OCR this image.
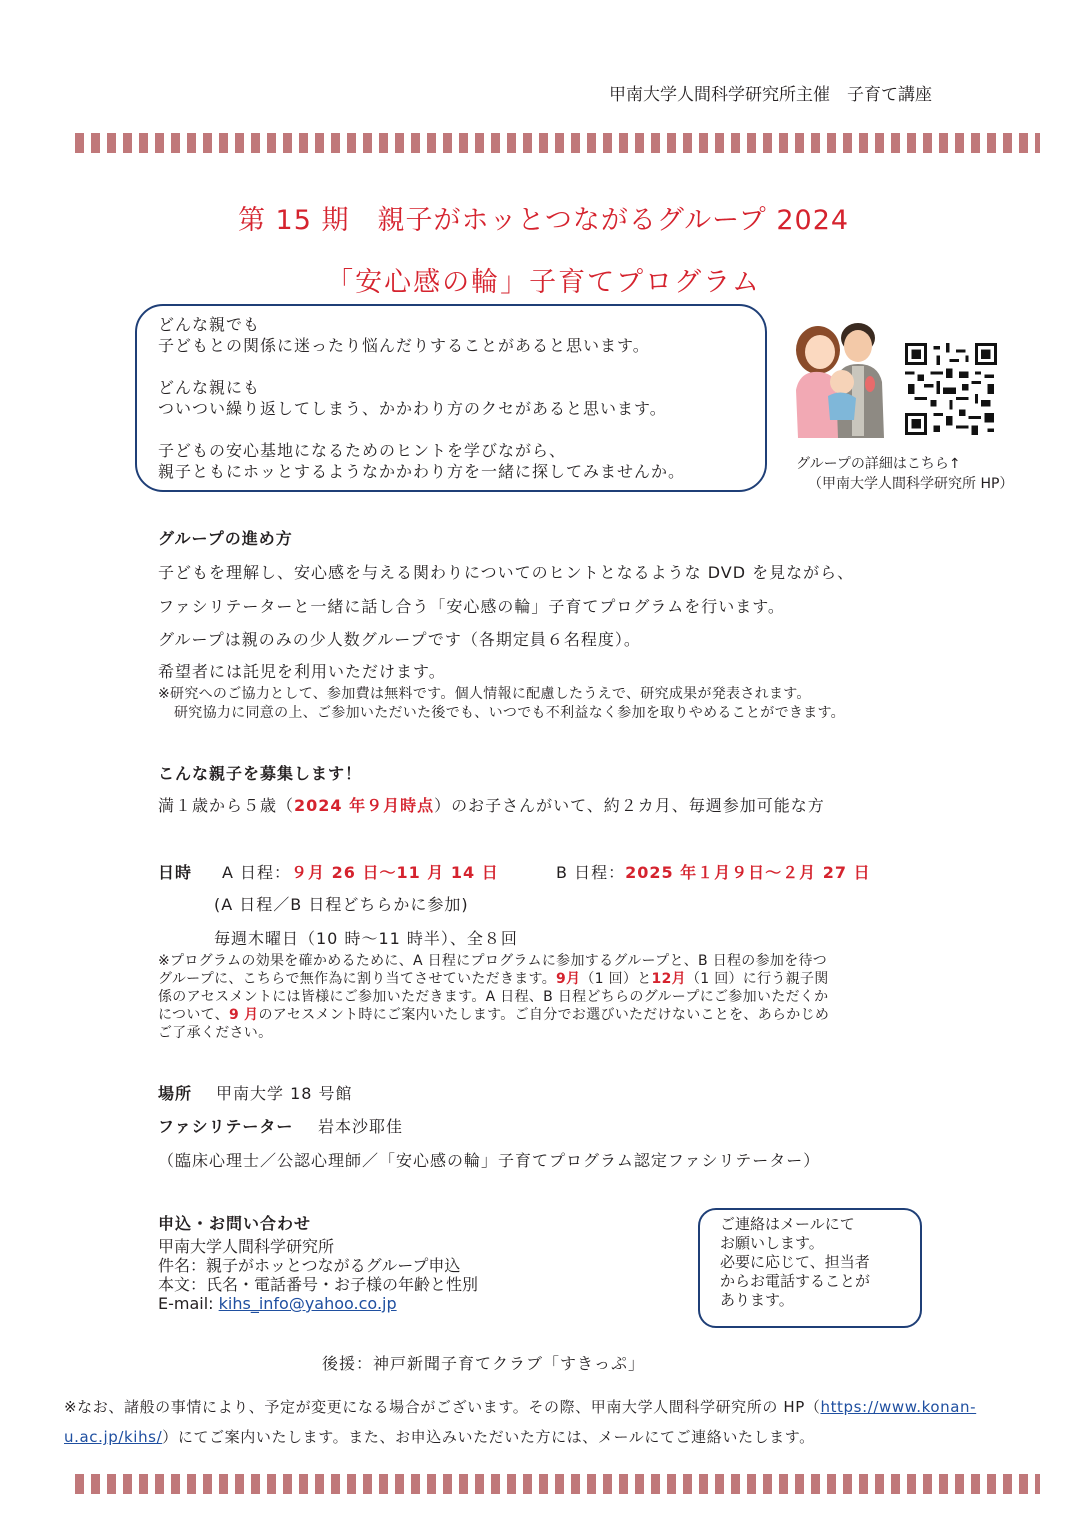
甲南大学人間科学研究所主催　子育て講座
第 15 期　親子がホッとつながるグループ 2024
「安心感の輪」子育てプログラム

どんな親でも

子どもとの関係に迷ったり悩んだりすることがあると思います。

どんな親にも

ついつい繰り返してしまう、かかわり方のクセがあると思います。

子どもの安心基地になるためのヒントを学びながら、

親子ともにホッとするようなかかわり方を一緒に探してみませんか。	グループの詳細はこちら↑
（甲南大学人間科学研究所 HP）
グループの進め方
子どもを理解し、安心感を与える関わりについてのヒントとなるような DVD を見ながら、
ファシリテーターと一緒に話し合う「安心感の輪」子育てプログラムを行います。
グループは親のみの少人数グループです（各期定員６名程度）。
希望者には託児を利用いただけます。
※研究へのご協力として、参加費は無料です。個人情報に配慮したうえで、研究成果が発表されます。
研究協力に同意の上、ご参加いただいた後でも、いつでも不利益なく参加を取りやめることができます。
こんな親子を募集します！
満１歳から５歳（2024 年９月時点）のお子さんがいて、約２カ月、毎週参加可能な方
日時 A 日程：９月 26 日～11 月 14 日	B 日程：2025 年１月９日～２月 27 日
(A 日程／B 日程どちらかに参加)
毎週木曜日（10 時～11 時半）、全８回
※プログラムの効果を確かめるために、A 日程にプログラムに参加するグループと、B 日程の参加を待つ
グループに、こちらで無作為に割り当てさせていただきます。9月（1 回）と12月（1 回）に行う親子関
係のアセスメントには皆様にご参加いただきます。A 日程、B 日程どちらのグループにご参加いただくか
について、9 月のアセスメント時にご案内いたします。ご自分でお選びいただけないことを、あらかじめ
ご了承ください。
場所 甲南大学 18 号館
ファシリテーター 岩本沙耶佳
（臨床心理士／公認心理師／「安心感の輪」子育てプログラム認定ファシリテーター）

申込・お問い合わせ

甲南大学人間科学研究所

件名：親子がホッとつながるグループ申込

本文：氏名・電話番号・お子様の年齢と性別

E-mail: kihs_info@yahoo.co.jp

ご連絡はメールにて

お願いします。

必要に応じて、担当者

からお電話することが

あります。

後援：神戸新聞子育てクラブ「すきっぷ」
※なお、諸般の事情により、予定が変更になる場合がございます。その際、甲南大学人間科学研究所の HP（https://www.konan-
u.ac.jp/kihs/）にてご案内いたします。また、お申込みいただいた方には、メールにてご連絡いたします。
